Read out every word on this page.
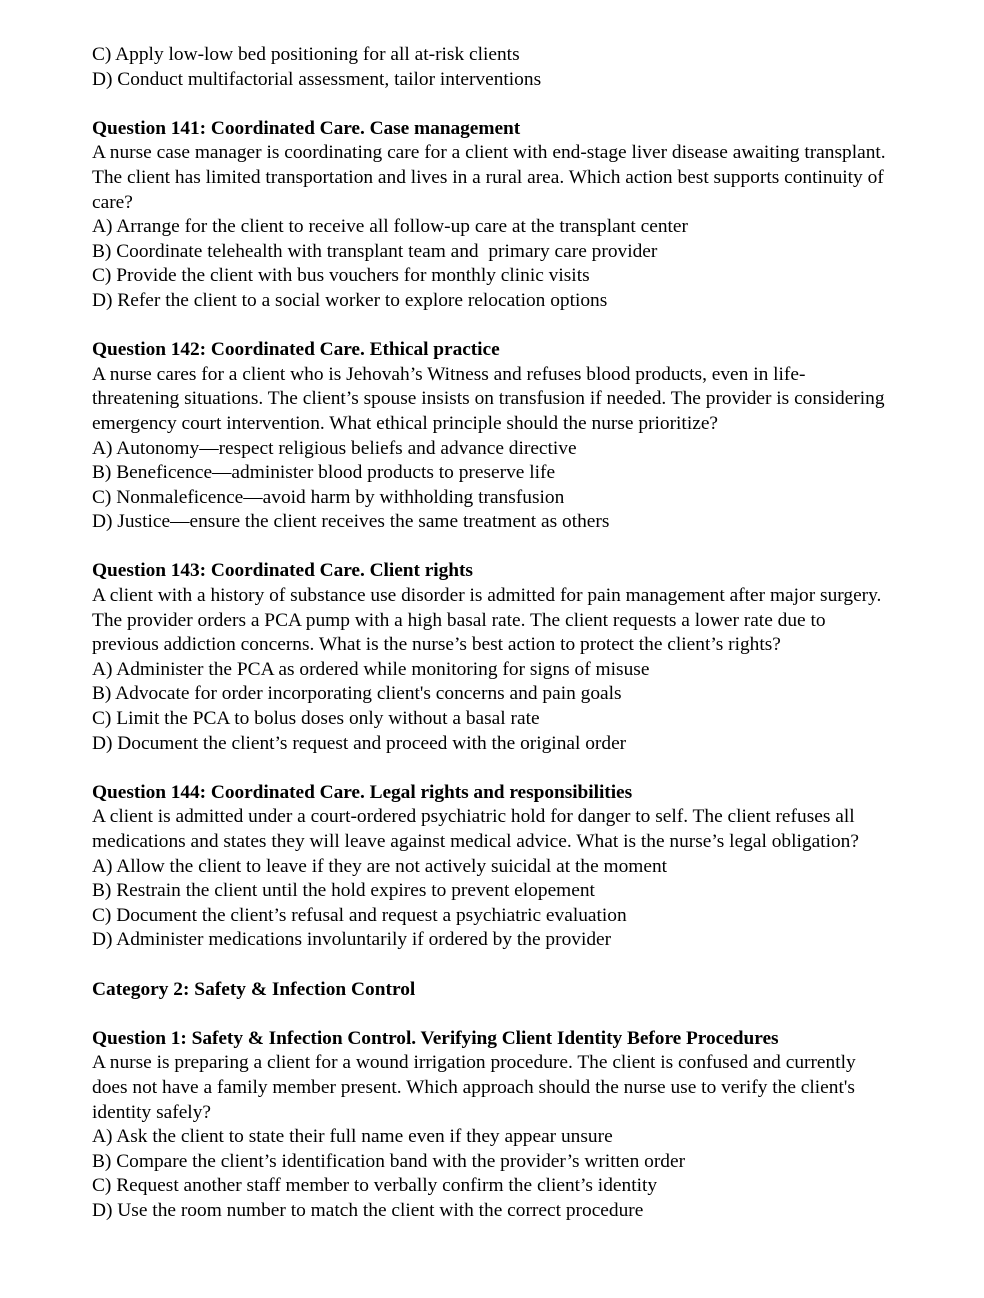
C) Apply low-low bed positioning for all at-risk clients

D) Conduct multifactorial assessment, tailor interventions

Question 141: Coordinated Care. Case management

A nurse case manager is coordinating care for a client with end-stage liver disease awaiting transplant. The client has limited transportation and lives in a rural area. Which action best supports continuity of care?

A) Arrange for the client to receive all follow-up care at the transplant center

B) Coordinate telehealth with transplant team and  primary care provider

C) Provide the client with bus vouchers for monthly clinic visits

D) Refer the client to a social worker to explore relocation options

Question 142: Coordinated Care. Ethical practice

A nurse cares for a client who is Jehovah’s Witness and refuses blood products, even in life-threatening situations. The client’s spouse insists on transfusion if needed. The provider is considering emergency court intervention. What ethical principle should the nurse prioritize?

A) Autonomy—respect religious beliefs and advance directive

B) Beneficence—administer blood products to preserve life

C) Nonmaleficence—avoid harm by withholding transfusion

D) Justice—ensure the client receives the same treatment as others

Question 143: Coordinated Care. Client rights

A client with a history of substance use disorder is admitted for pain management after major surgery. The provider orders a PCA pump with a high basal rate. The client requests a lower rate due to previous addiction concerns. What is the nurse’s best action to protect the client’s rights?

A) Administer the PCA as ordered while monitoring for signs of misuse

B) Advocate for order incorporating client's concerns and pain goals

C) Limit the PCA to bolus doses only without a basal rate

D) Document the client’s request and proceed with the original order

Question 144: Coordinated Care. Legal rights and responsibilities

A client is admitted under a court-ordered psychiatric hold for danger to self. The client refuses all medications and states they will leave against medical advice. What is the nurse’s legal obligation?

A) Allow the client to leave if they are not actively suicidal at the moment

B) Restrain the client until the hold expires to prevent elopement

C) Document the client’s refusal and request a psychiatric evaluation

D) Administer medications involuntarily if ordered by the provider

Category 2: Safety & Infection Control

Question 1: Safety & Infection Control. Verifying Client Identity Before Procedures

A nurse is preparing a client for a wound irrigation procedure. The client is confused and currently does not have a family member present. Which approach should the nurse use to verify the client's identity safely?

A) Ask the client to state their full name even if they appear unsure

B) Compare the client’s identification band with the provider’s written order

C) Request another staff member to verbally confirm the client’s identity

D) Use the room number to match the client with the correct procedure
